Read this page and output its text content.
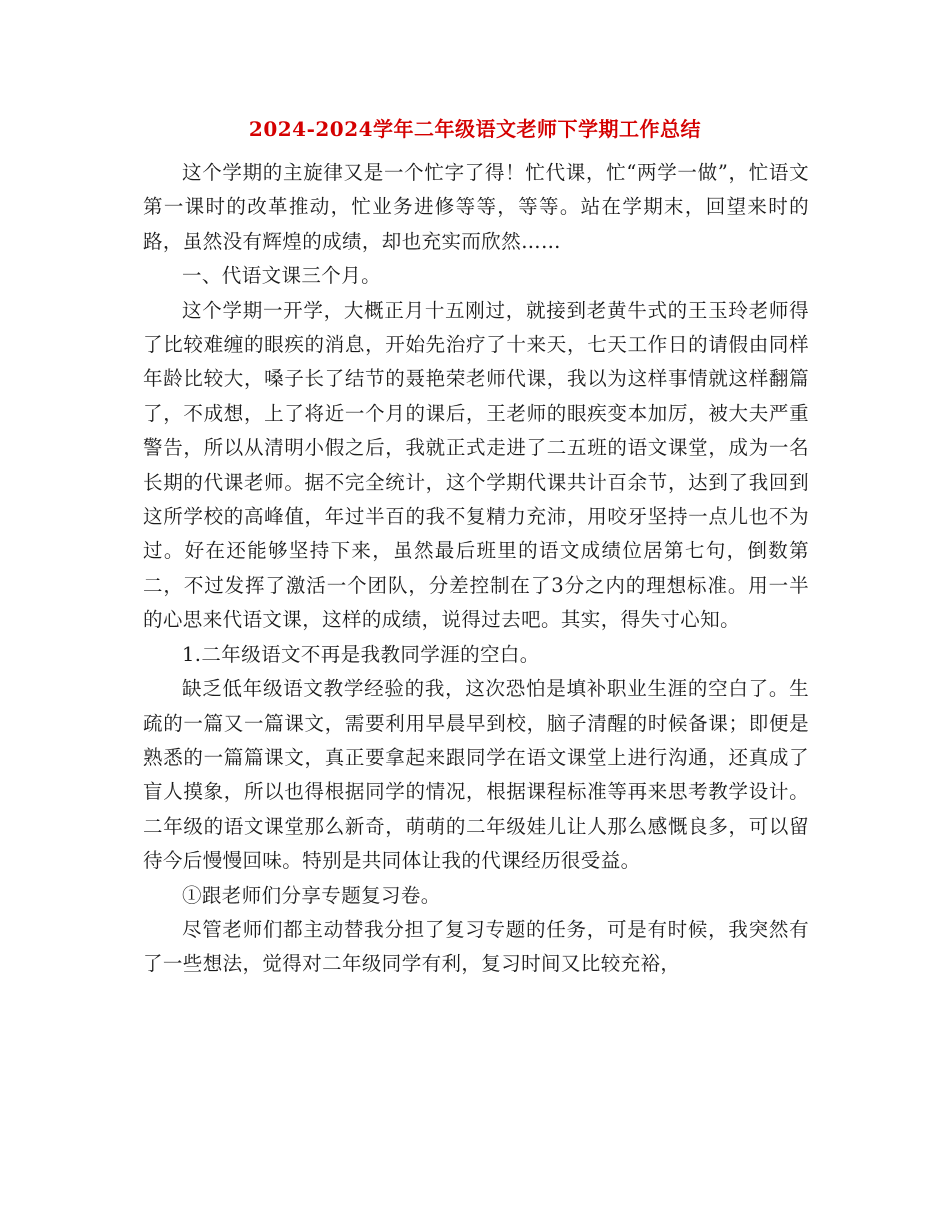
2024-2024学年二年级语文老师下学期工作总结

这个学期的主旋律又是一个忙字了得！忙代课，忙“两学一做”，忙语文第一课时的改革推动，忙业务进修等等，等等。站在学期末，回望来时的路，虽然没有辉煌的成绩，却也充实而欣然……

一、代语文课三个月。

这个学期一开学，大概正月十五刚过，就接到老黄牛式的王玉玲老师得了比较难缠的眼疾的消息，开始先治疗了十来天，七天工作日的请假由同样年龄比较大，嗓子长了结节的聂艳荣老师代课，我以为这样事情就这样翻篇了，不成想，上了将近一个月的课后，王老师的眼疾变本加厉，被大夫严重警告，所以从清明小假之后，我就正式走进了二五班的语文课堂，成为一名长期的代课老师。据不完全统计，这个学期代课共计百余节，达到了我回到这所学校的高峰值，年过半百的我不复精力充沛，用咬牙坚持一点儿也不为过。好在还能够坚持下来，虽然最后班里的语文成绩位居第七句，倒数第二，不过发挥了激活一个团队，分差控制在了3分之内的理想标准。用一半的心思来代语文课，这样的成绩，说得过去吧。其实，得失寸心知。

1.二年级语文不再是我教同学涯的空白。

缺乏低年级语文教学经验的我，这次恐怕是填补职业生涯的空白了。生疏的一篇又一篇课文，需要利用早晨早到校，脑子清醒的时候备课；即便是熟悉的一篇篇课文，真正要拿起来跟同学在语文课堂上进行沟通，还真成了盲人摸象，所以也得根据同学的情况，根据课程标准等再来思考教学设计。二年级的语文课堂那么新奇，萌萌的二年级娃儿让人那么感慨良多，可以留待今后慢慢回味。特别是共同体让我的代课经历很受益。

①跟老师们分享专题复习卷。

尽管老师们都主动替我分担了复习专题的任务，可是有时候，我突然有了一些想法，觉得对二年级同学有利，复习时间又比较充裕，
